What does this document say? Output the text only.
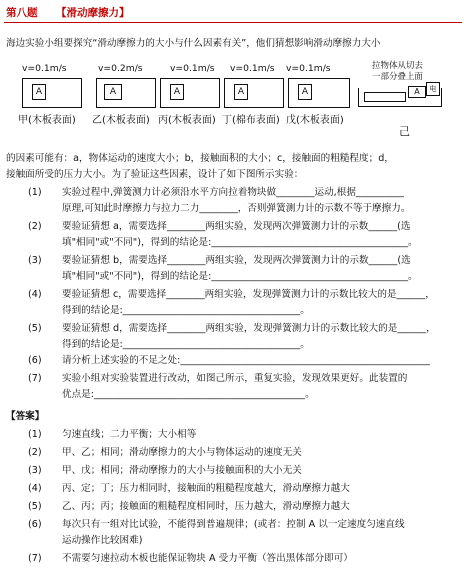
第八题 【滑动摩擦力】
海边实验小组要探究“滑动摩擦力的大小与什么因素有关”，他们猜想影响滑动摩擦力大小
v=0.1m/s
A
甲(木板表面)
v=0.2m/s
A
乙(木板表面)
v=0.1m/s
A
丙(木板表面)
v=0.1m/s
A
丁(棉布表面)
v=0.1m/s
A
戊(木板表面)
拉物体从切去
一部分叠上面
A	电
己
的因素可能有：a，物体运动的速度大小；b，接触面积的大小；c，接触面的粗糙程度；d，
接触面所受的压力大小。为了验证这些因素，设计了如下图所示实验：
(1) 实验过程中,弹簧测力计必须沿水平方向拉着物块做________运动,根据__________
原理,可知此时摩擦力与拉力二力________，否则弹簧测力计的示数不等于摩擦力。
(2) 要验证猜想 a，需要选择________两组实验，发现两次弹簧测力计的示数______(选
填"相同"或"不同")，得到的结论是:_________________________________________。
(3) 要验证猜想 b，需要选择________两组实验，发现两次弹簧测力计的示数______(选
填"相同"或"不同")，得到的结论是:_________________________________________。
(4) 要验证猜想 c，需要选择________两组实验，发现弹簧测力计的示数比较大的是______，
得到的结论是:_____________________________________。
(5) 要验证猜想 d，需要选择________两组实验，发现弹簧测力计的示数比较大的是______，
得到的结论是:_____________________________________。
(6) 请分析上述实验的不足之处:____________________________________________________
(7) 实验小组对实验装置进行改动，如图己所示，重复实验，发现效果更好。此装置的
优点是:____________________________________________。
【答案】
(1) 匀速直线；二力平衡；大小相等
(2) 甲、乙；相同；滑动摩擦力的大小与物体运动的速度无关
(3) 甲、戊；相同；滑动摩擦力的大小与接触面积的大小无关
(4) 丙、定；丁；压力相同时，接触面的粗糙程度越大，滑动摩擦力越大
(5) 乙、丙；丙；接触面的粗糙程度相同时，压力越大，滑动摩擦力越大
(6) 每次只有一组对比试验，不能得到普遍规律；(或者：控制 A 以一定速度匀速直线
运动操作比较困难)
(7) 不需要匀速拉动木板也能保证物块 A 受力平衡（答出黑体部分即可）
